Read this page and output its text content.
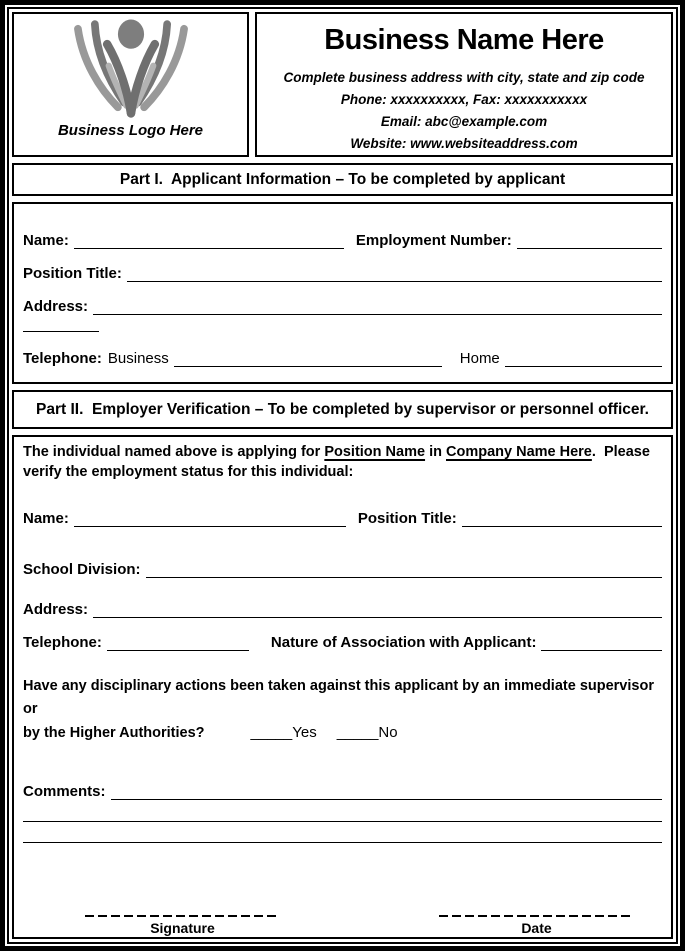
Business Logo Here
Business Name Here
Complete business address with city, state and zip code
Phone: xxxxxxxxxx, Fax: xxxxxxxxxxx
Email: abc@example.com
Website: www.websiteaddress.com
Part I.  Applicant Information – To be completed by applicant
Name:	Employment Number:
Position Title:
Address:
Telephone: Business	Home
Part II.  Employer Verification – To be completed by supervisor or personnel officer.

The individual named above is applying for Position Name in Company Name Here.  Please verify the employment status for this individual:

Name:	Position Title:
School Division:
Address:
Telephone:	Nature of Association with Applicant:
Have any disciplinary actions been taken against this applicant by an immediate supervisor or
by the Higher Authorities?	_____Yes _____No
Comments:
Signature	Date
